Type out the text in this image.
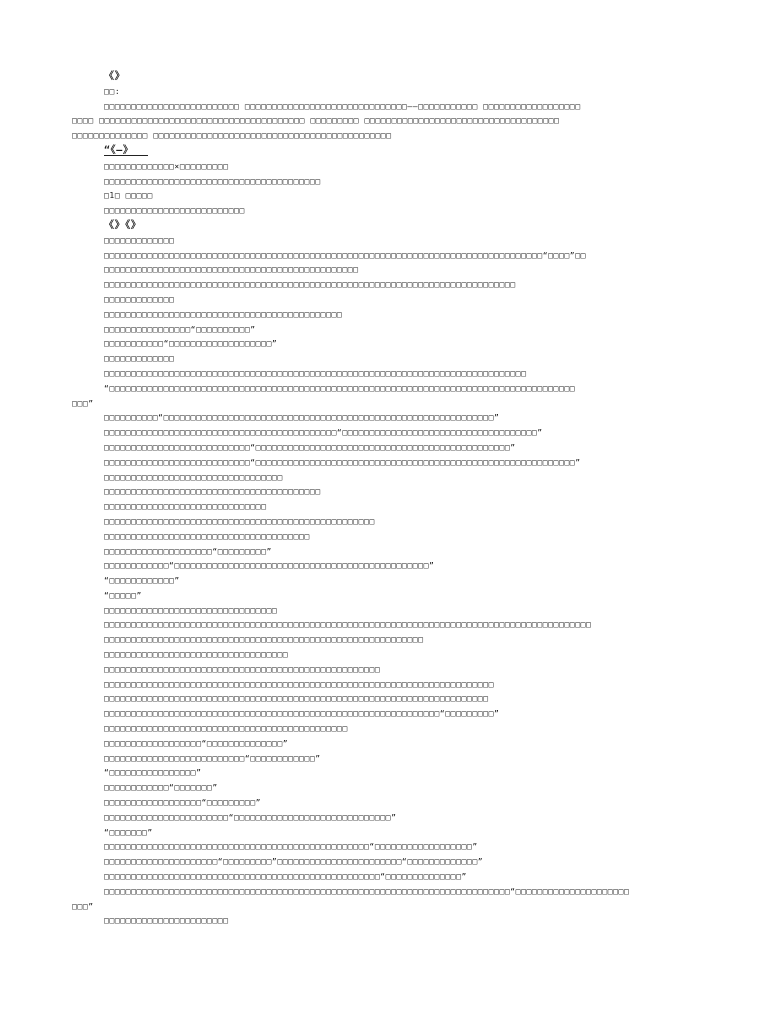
《》
□□:
□□□□□□□□□□□□□□□□□□□□□□□□□ □□□□□□□□□□□□□□□□□□□□□□□□□□□□□□——□□□□□□□□□□□ □□□□□□□□□□□□□□□□□□
□□□□ □□□□□□□□□□□□□□□□□□□□□□□□□□□□□□□□□□□□□□ □□□□□□□□□ □□□□□□□□□□□□□□□□□□□□□□□□□□□□□□□□□□□□
□□□□□□□□□□□□□□ □□□□□□□□□□□□□□□□□□□□□□□□□□□□□□□□□□□□□□□□□□□□
“《—》
□□□□□□□□□□□□□×□□□□□□□□□
□□□□□□□□□□□□□□□□□□□□□□□□□□□□□□□□□□□□□□□□
□1□ □□□□□
□□□□□□□□□□□□□□□□□□□□□□□□□□
《》《》
□□□□□□□□□□□□□
□□□□□□□□□□□□□□□□□□□□□□□□□□□□□□□□□□□□□□□□□□□□□□□□□□□□□□□□□□□□□□□□□□□□□□□□□□□□□□□□□“□□□□”□□
□□□□□□□□□□□□□□□□□□□□□□□□□□□□□□□□□□□□□□□□□□□□□□□
□□□□□□□□□□□□□□□□□□□□□□□□□□□□□□□□□□□□□□□□□□□□□□□□□□□□□□□□□□□□□□□□□□□□□□□□□□□□
□□□□□□□□□□□□□
□□□□□□□□□□□□□□□□□□□□□□□□□□□□□□□□□□□□□□□□□□□□
□□□□□□□□□□□□□□□□“□□□□□□□□□□”
□□□□□□□□□□□“□□□□□□□□□□□□□□□□□□□”
□□□□□□□□□□□□□
□□□□□□□□□□□□□□□□□□□□□□□□□□□□□□□□□□□□□□□□□□□□□□□□□□□□□□□□□□□□□□□□□□□□□□□□□□□□□□
“□□□□□□□□□□□□□□□□□□□□□□□□□□□□□□□□□□□□□□□□□□□□□□□□□□□□□□□□□□□□□□□□□□□□□□□□□□□□□□□□□□□□□□
□□□”
□□□□□□□□□□“□□□□□□□□□□□□□□□□□□□□□□□□□□□□□□□□□□□□□□□□□□□□□□□□□□□□□□□□□□□□□”
□□□□□□□□□□□□□□□□□□□□□□□□□□□□□□□□□□□□□□□□□□□“□□□□□□□□□□□□□□□□□□□□□□□□□□□□□□□□□□□□”
□□□□□□□□□□□□□□□□□□□□□□□□□□□“□□□□□□□□□□□□□□□□□□□□□□□□□□□□□□□□□□□□□□□□□□□□□□□”
□□□□□□□□□□□□□□□□□□□□□□□□□□□“□□□□□□□□□□□□□□□□□□□□□□□□□□□□□□□□□□□□□□□□□□□□□□□□□□□□□□□□□□□”
□□□□□□□□□□□□□□□□□□□□□□□□□□□□□□□□□
□□□□□□□□□□□□□□□□□□□□□□□□□□□□□□□□□□□□□□□□
□□□□□□□□□□□□□□□□□□□□□□□□□□□□□□
□□□□□□□□□□□□□□□□□□□□□□□□□□□□□□□□□□□□□□□□□□□□□□□□□□
□□□□□□□□□□□□□□□□□□□□□□□□□□□□□□□□□□□□□□
□□□□□□□□□□□□□□□□□□□□“□□□□□□□□□”
□□□□□□□□□□□□“□□□□□□□□□□□□□□□□□□□□□□□□□□□□□□□□□□□□□□□□□□□□□□□”
“□□□□□□□□□□□□”
“□□□□□”
□□□□□□□□□□□□□□□□□□□□□□□□□□□□□□□□
□□□□□□□□□□□□□□□□□□□□□□□□□□□□□□□□□□□□□□□□□□□□□□□□□□□□□□□□□□□□□□□□□□□□□□□□□□□□□□□□□□□□□□□□□□
□□□□□□□□□□□□□□□□□□□□□□□□□□□□□□□□□□□□□□□□□□□□□□□□□□□□□□□□□□□
□□□□□□□□□□□□□□□□□□□□□□□□□□□□□□□□□□
□□□□□□□□□□□□□□□□□□□□□□□□□□□□□□□□□□□□□□□□□□□□□□□□□□□
□□□□□□□□□□□□□□□□□□□□□□□□□□□□□□□□□□□□□□□□□□□□□□□□□□□□□□□□□□□□□□□□□□□□□□□□
□□□□□□□□□□□□□□□□□□□□□□□□□□□□□□□□□□□□□□□□□□□□□□□□□□□□□□□□□□□□□□□□□□□□□□□
□□□□□□□□□□□□□□□□□□□□□□□□□□□□□□□□□□□□□□□□□□□□□□□□□□□□□□□□□□□□□□“□□□□□□□□□”
□□□□□□□□□□□□□□□□□□□□□□□□□□□□□□□□□□□□□□□□□□□□□
□□□□□□□□□□□□□□□□□□“□□□□□□□□□□□□□□”
□□□□□□□□□□□□□□□□□□□□□□□□□□“□□□□□□□□□□□□”
“□□□□□□□□□□□□□□□□”
□□□□□□□□□□□□“□□□□□□□”
□□□□□□□□□□□□□□□□□□“□□□□□□□□□”
□□□□□□□□□□□□□□□□□□□□□□□“□□□□□□□□□□□□□□□□□□□□□□□□□□□□□”
“□□□□□□□”
□□□□□□□□□□□□□□□□□□□□□□□□□□□□□□□□□□□□□□□□□□□□□□□□□“□□□□□□□□□□□□□□□□□□”
□□□□□□□□□□□□□□□□□□□□□“□□□□□□□□□”□□□□□□□□□□□□□□□□□□□□□□□“□□□□□□□□□□□□□”
□□□□□□□□□□□□□□□□□□□□□□□□□□□□□□□□□□□□□□□□□□□□□□□□□□□“□□□□□□□□□□□□□□”
□□□□□□□□□□□□□□□□□□□□□□□□□□□□□□□□□□□□□□□□□□□□□□□□□□□□□□□□□□□□□□□□□□□□□□□□□□□“□□□□□□□□□□□□□□□□□□□□□
□□□”
□□□□□□□□□□□□□□□□□□□□□□□
